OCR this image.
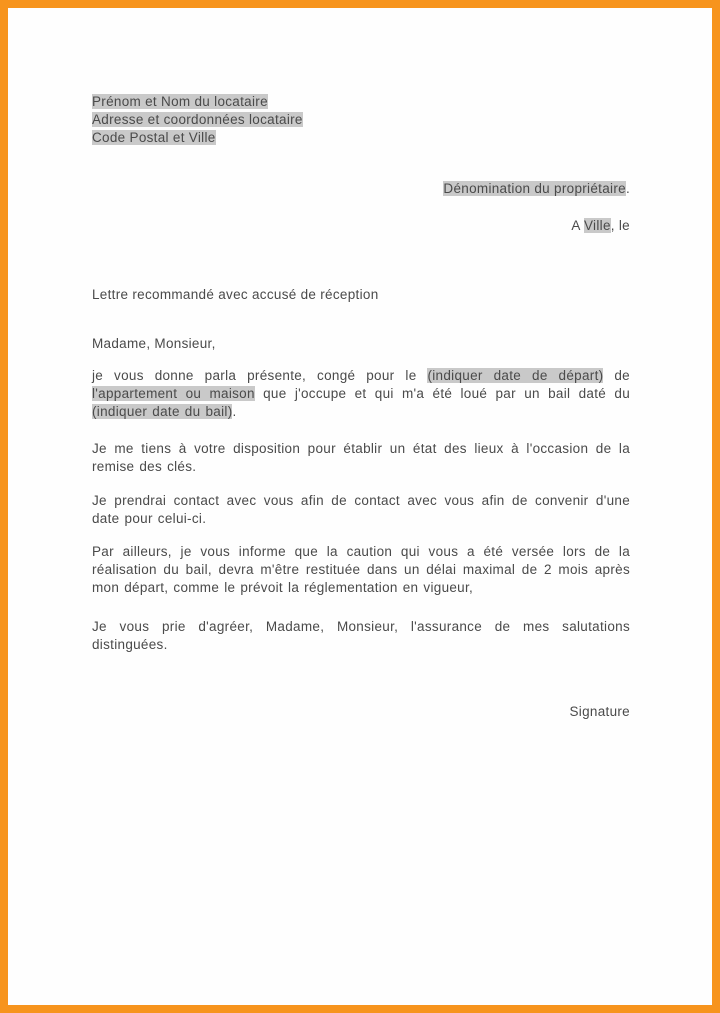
Prénom et Nom du locataire
Adresse et coordonnées locataire
Code Postal et Ville
Dénomination du propriétaire.
A Ville, le
Lettre recommandé avec accusé de réception
Madame, Monsieur,

je vous donne parla présente, congé pour le (indiquer date de départ) de l'appartement ou maison que j'occupe et qui m'a été loué par un bail daté du (indiquer date du bail).

Je me tiens à votre disposition pour établir un état des lieux à l'occasion de la remise des clés.

Je prendrai contact avec vous afin de contact avec vous afin de convenir d'une date pour celui-ci.

Par ailleurs, je vous informe que la caution qui vous a été versée lors de la réalisation du bail, devra m'être restituée dans un délai maximal de 2 mois après mon départ, comme le prévoit la réglementation en vigueur,

Je vous prie d'agréer, Madame, Monsieur, l'assurance de mes salutations distinguées.

Signature
